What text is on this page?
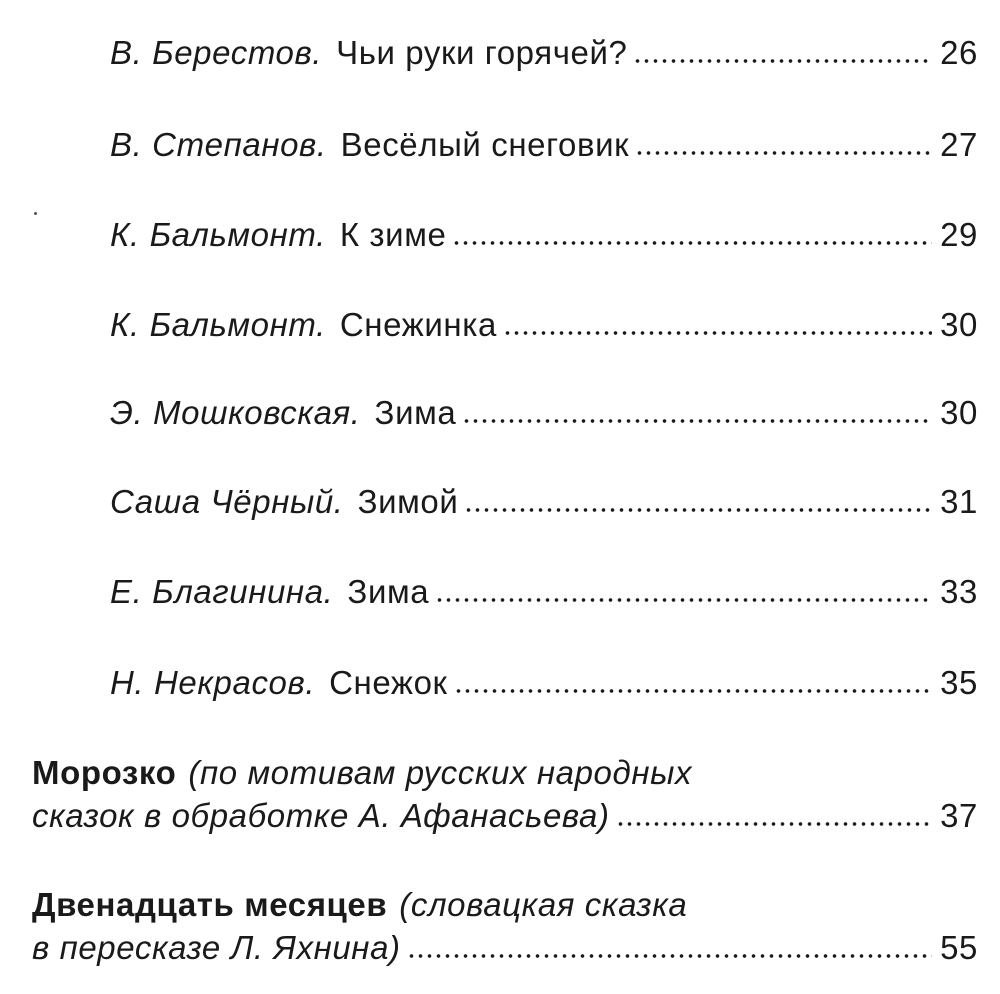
В. Берестов. Чьи руки горячей?	26
В. Степанов. Весёлый снеговик	27
К. Бальмонт. К зиме	29
К. Бальмонт. Снежинка	30
Э. Мошковская. Зима	30
Саша Чёрный. Зимой	31
Е. Благинина. Зима	33
Н. Некрасов. Снежок	35
Морозко (по мотивам русских народных
сказок в обработке А. Афанасьева)	37
Двенадцать месяцев (словацкая сказка
в пересказе Л. Яхнина)	55
